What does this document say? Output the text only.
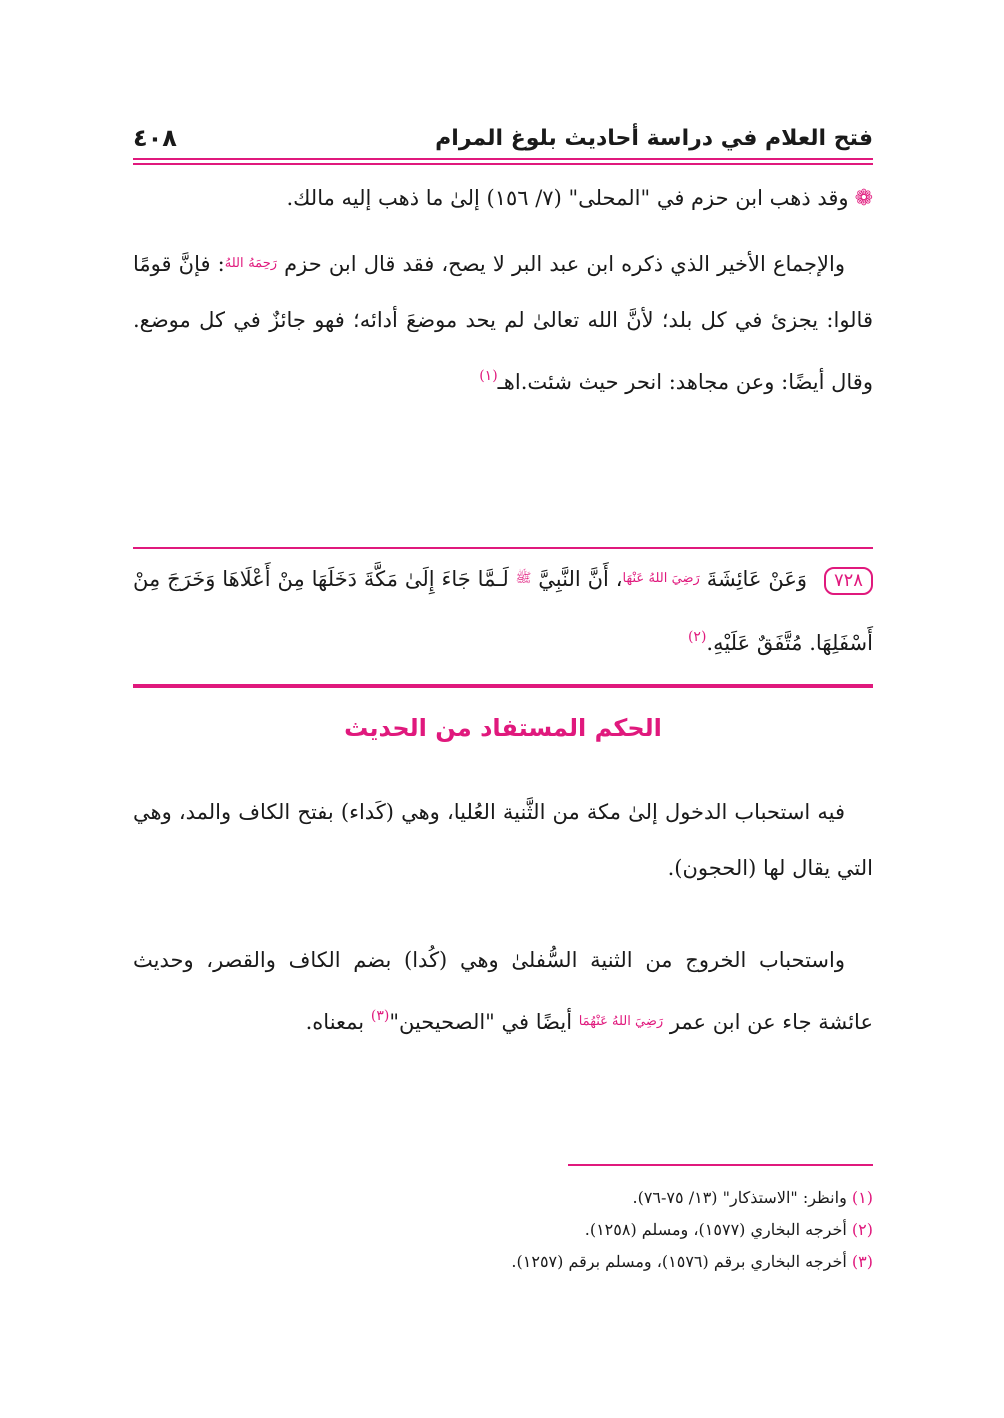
فتح العلام في دراسة أحاديث بلوغ المرام
٤٠٨
❁وقد ذهب ابن حزم في "المحلى" (٧/ ١٥٦) إلىٰ ما ذهب إليه مالك.
والإجماع الأخير الذي ذكره ابن عبد البر لا يصح، فقد قال ابن حزم رَحِمَهُ اللهُ: فإنَّ قومًا قالوا: يجزئ في كل بلد؛ لأنَّ الله تعالىٰ لم يحد موضعَ أدائه؛ فهو جائزٌ في كل موضع. وقال أيضًا: وعن مجاهد: انحر حيث شئت.اهـ$^{(١)}$
٧٢٨ وَعَنْ عَائِشَةَ رَضِيَ اللهُ عَنْهَا، أَنَّ النَّبِيَّ ﷺ لَـمَّا جَاءَ إِلَىٰ مَكَّةَ دَخَلَهَا مِنْ أَعْلَاهَا وَخَرَجَ مِنْ أَسْفَلِهَا. مُتَّفَقٌ عَلَيْهِ.$^{(٢)}$
الحكم المستفاد من الحديث
فيه استحباب الدخول إلىٰ مكة من الثَّنية العُليا، وهي (كَداء) بفتح الكاف والمد، وهي التي يقال لها (الحجون).
واستحباب الخروج من الثنية السُّفلىٰ وهي (كُدا) بضم الكاف والقصر، وحديث عائشة جاء عن ابن عمر رَضِيَ اللهُ عَنْهُمَا أيضًا في "الصحيحين"$^{(٣)}$ بمعناه.
(١) وانظر: "الاستذكار" (١٣/ ٧٥-٧٦).
(٢) أخرجه البخاري (١٥٧٧)، ومسلم (١٢٥٨).
(٣) أخرجه البخاري برقم (١٥٧٦)، ومسلم برقم (١٢٥٧).
